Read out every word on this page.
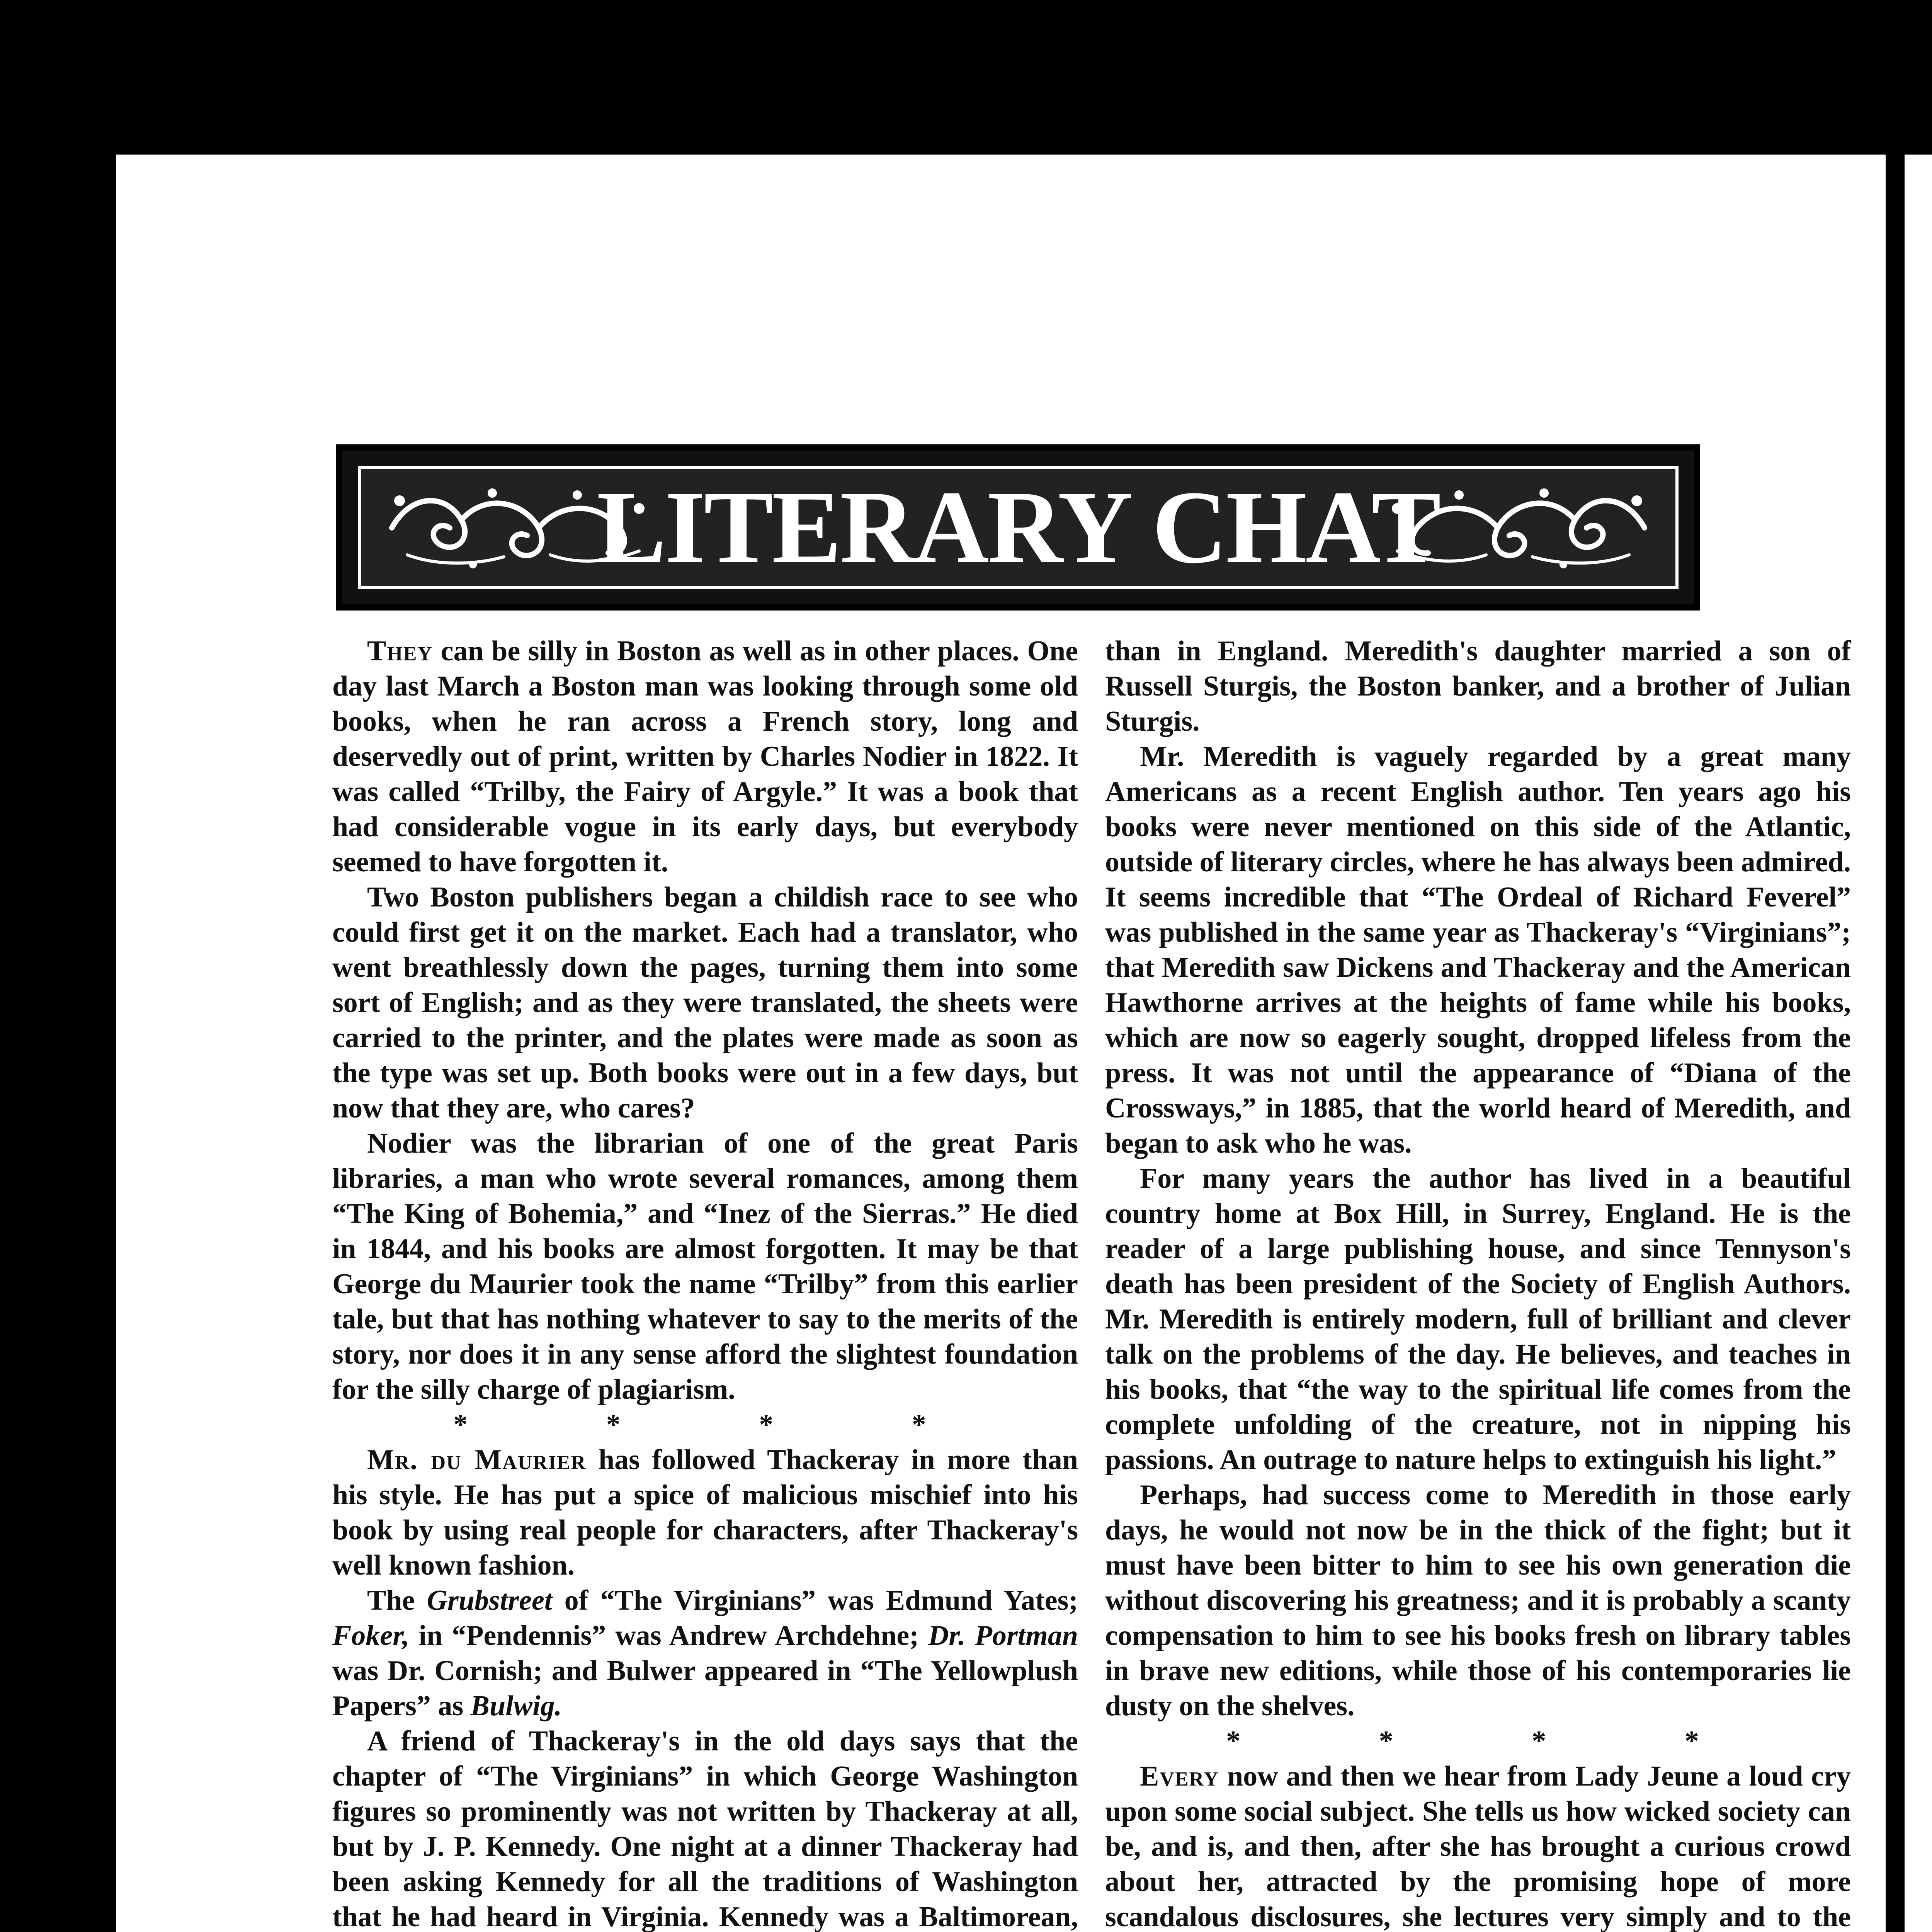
LITERARY CHAT

They can be silly in Boston as well as in other places. One day last March a Boston man was looking through some old books, when he ran across a French story, long and deservedly out of print, written by Charles Nodier in 1822. It was called “Trilby, the Fairy of Argyle.” It was a book that had considerable vogue in its early days, but everybody seemed to have forgotten it.

Two Boston publishers began a childish race to see who could first get it on the market. Each had a translator, who went breathlessly down the pages, turning them into some sort of English; and as they were translated, the sheets were carried to the printer, and the plates were made as soon as the type was set up. Both books were out in a few days, but now that they are, who cares?

Nodier was the librarian of one of the great Paris libraries, a man who wrote several romances, among them “The King of Bohemia,” and “Inez of the Sierras.” He died in 1844, and his books are almost forgotten. It may be that George du Maurier took the name “Trilby” from this earlier tale, but that has nothing whatever to say to the merits of the story, nor does it in any sense afford the slightest foundation for the silly charge of plagiarism.

* * * *

Mr. du Maurier has followed Thackeray in more than his style. He has put a spice of malicious mischief into his book by using real people for characters, after Thackeray's well known fashion.

The Grubstreet of “The Virginians” was Edmund Yates; Foker, in “Pendennis” was Andrew Archdehne; Dr. Portman was Dr. Cornish; and Bulwer appeared in “The Yellowplush Papers” as Bulwig.

A friend of Thackeray's in the old days says that the chapter of “The Virginians” in which George Washington figures so prominently was not written by Thackeray at all, but by J. P. Kennedy. One night at a dinner Thackeray had been asking Kennedy for all the traditions of Washington that he had heard in Virginia. Kennedy was a Baltimorean,

than in England. Meredith's daughter married a son of Russell Sturgis, the Boston banker, and a brother of Julian Sturgis.

Mr. Meredith is vaguely regarded by a great many Americans as a recent English author. Ten years ago his books were never mentioned on this side of the Atlantic, outside of literary circles, where he has always been admired. It seems incredible that “The Ordeal of Richard Feverel” was published in the same year as Thackeray's “Virginians”; that Meredith saw Dickens and Thackeray and the American Hawthorne arrives at the heights of fame while his books, which are now so eagerly sought, dropped lifeless from the press. It was not until the appearance of “Diana of the Crossways,” in 1885, that the world heard of Meredith, and began to ask who he was.

For many years the author has lived in a beautiful country home at Box Hill, in Surrey, England. He is the reader of a large publishing house, and since Tennyson's death has been president of the Society of English Authors. Mr. Meredith is entirely modern, full of brilliant and clever talk on the problems of the day. He believes, and teaches in his books, that “the way to the spiritual life comes from the complete unfolding of the creature, not in nipping his passions. An outrage to nature helps to extinguish his light.”

Perhaps, had success come to Meredith in those early days, he would not now be in the thick of the fight; but it must have been bitter to him to see his own generation die without discovering his greatness; and it is probably a scanty compensation to him to see his books fresh on library tables in brave new editions, while those of his contemporaries lie dusty on the shelves.

* * * *

Every now and then we hear from Lady Jeune a loud cry upon some social subject. She tells us how wicked society can be, and is, and then, after she has brought a curious crowd about her, attracted by the promising hope of more scandalous disclosures, she lectures very simply and to the
